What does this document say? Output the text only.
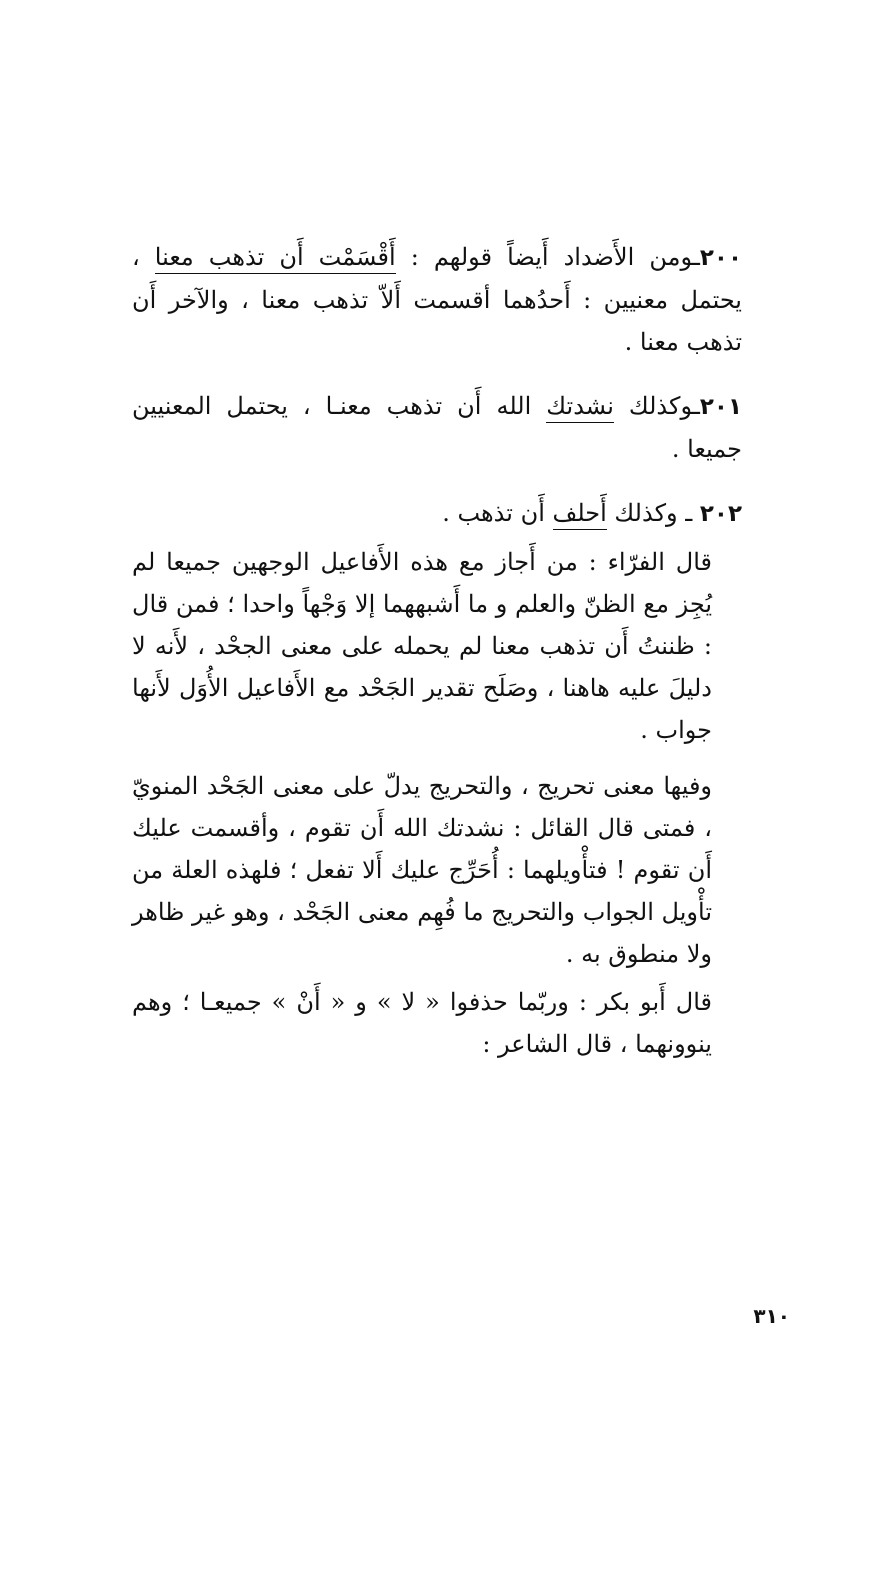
٢٠٠ـومن الأَضداد أَيضاً قولهم : أَقْسَمْت أَن تذهب معنا ، يحتمل معنيين : أَحدُهما أقسمت أَلاّ تذهب معنا ، والآخر أَن تذهب معنا .

٢٠١ـوكذلك نشدتك الله أَن تذهب معنـا ، يحتمل المعنيين جميعا .

٢٠٢ ـ وكذلك أَحلف أَن تذهب .

قال الفرّاء : من أَجاز مع هذه الأَفاعيل الوجهين جميعا لم يُجِز مع الظنّ والعلم و ما أَشبههما إلا وَجْهاً واحدا ؛ فمن قال : ظننتُ أَن تذهب معنا لم يحمله على معنى الجحْد ، لأَنه لا دليلَ عليه هاهنا ، وصَلَح تقدير الجَحْد مع الأَفاعيل الأُوَل لأَنها جواب .

وفيها معنى تحريج ، والتحريج يدلّ على معنى الجَحْد المنويّ ، فمتى قال القائل : نشدتك الله أَن تقوم ، وأقسمت عليك أَن تقوم ! فتأْويلهما : أُحَرِّج عليك أَلا تفعل ؛ فلهذه العلة من تأْويل الجواب والتحريج ما فُهِم معنى الجَحْد ، وهو غير ظاهر ولا منطوق به .

قال أَبو بكر : وربّما حذفوا « لا » و « أَنْ » جميعـا ؛ وهم ينوونهما ، قال الشاعر :

٣١٠
